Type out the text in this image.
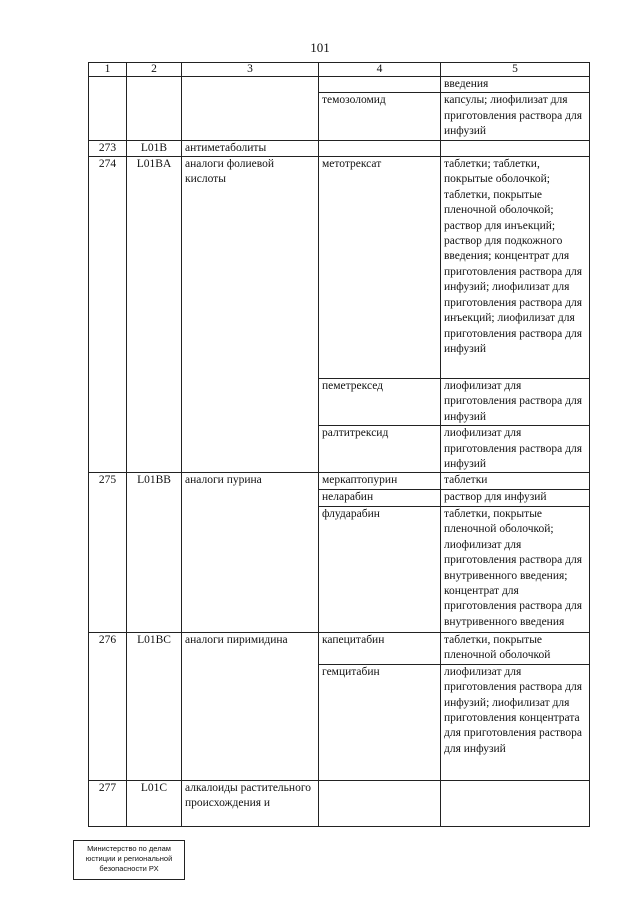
101
1	2	3	4	5
				введения
			темозоломид	капсулы; лиофилизат для приготовления раствора для инфузий
273	L01B	антиметаболиты		
274	L01BA	аналоги фолиевой кислоты	метотрексат	таблетки; таблетки, покрытые оболочкой; таблетки, покрытые пленочной оболочкой; раствор для инъекций; раствор для подкожного введения; концентрат для приготовления раствора для инфузий; лиофилизат для приготовления раствора для инъекций; лиофилизат для приготовления раствора для инфузий
			пеметрексед	лиофилизат для приготовления раствора для инфузий
			ралтитрексид	лиофилизат для приготовления раствора для инфузий
275	L01BB	аналоги пурина	меркаптопурин	таблетки
			неларабин	раствор для инфузий
			флударабин	таблетки, покрытые пленочной оболочкой; лиофилизат для приготовления раствора для внутривенного введения; концентрат для приготовления раствора для внутривенного введения
276	L01BC	аналоги пиримидина	капецитабин	таблетки, покрытые пленочной оболочкой
			гемцитабин	лиофилизат для приготовления раствора для инфузий; лиофилизат для приготовления концентрата для приготовления раствора для инфузий
277	L01C	алкалоиды растительного происхождения и		
Министерство по делам
юстиции и региональной
безопасности РХ
